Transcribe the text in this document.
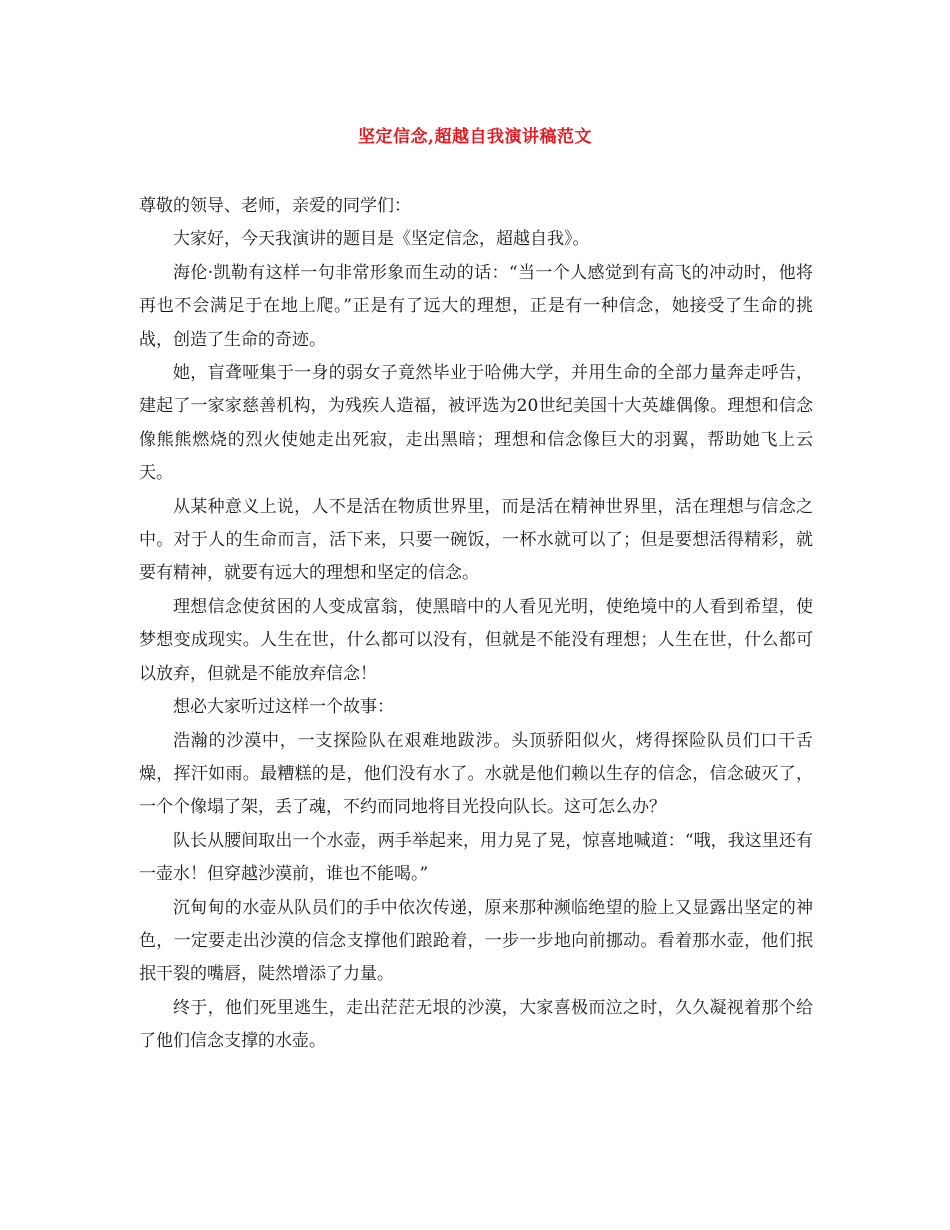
坚定信念,超越自我演讲稿范文

尊敬的领导、老师，亲爱的同学们：

大家好，今天我演讲的题目是《坚定信念，超越自我》。

海伦·凯勒有这样一句非常形象而生动的话：“当一个人感觉到有高飞的冲动时，他将再也不会满足于在地上爬。”正是有了远大的理想，正是有一种信念，她接受了生命的挑战，创造了生命的奇迹。

她，盲聋哑集于一身的弱女子竟然毕业于哈佛大学，并用生命的全部力量奔走呼告，建起了一家家慈善机构，为残疾人造福，被评选为20世纪美国十大英雄偶像。理想和信念像熊熊燃烧的烈火使她走出死寂，走出黑暗；理想和信念像巨大的羽翼，帮助她飞上云天。

从某种意义上说，人不是活在物质世界里，而是活在精神世界里，活在理想与信念之中。对于人的生命而言，活下来，只要一碗饭，一杯水就可以了；但是要想活得精彩，就要有精神，就要有远大的理想和坚定的信念。

理想信念使贫困的人变成富翁，使黑暗中的人看见光明，使绝境中的人看到希望，使梦想变成现实。人生在世，什么都可以没有，但就是不能没有理想；人生在世，什么都可以放弃，但就是不能放弃信念！

想必大家听过这样一个故事：

浩瀚的沙漠中，一支探险队在艰难地跋涉。头顶骄阳似火，烤得探险队员们口干舌燥，挥汗如雨。最糟糕的是，他们没有水了。水就是他们赖以生存的信念，信念破灭了，一个个像塌了架，丢了魂，不约而同地将目光投向队长。这可怎么办？

队长从腰间取出一个水壶，两手举起来，用力晃了晃，惊喜地喊道：“哦，我这里还有一壶水！但穿越沙漠前，谁也不能喝。”

沉甸甸的水壶从队员们的手中依次传递，原来那种濒临绝望的脸上又显露出坚定的神色，一定要走出沙漠的信念支撑他们踉跄着，一步一步地向前挪动。看着那水壶，他们抿抿干裂的嘴唇，陡然增添了力量。

终于，他们死里逃生，走出茫茫无垠的沙漠，大家喜极而泣之时，久久凝视着那个给了他们信念支撑的水壶。
